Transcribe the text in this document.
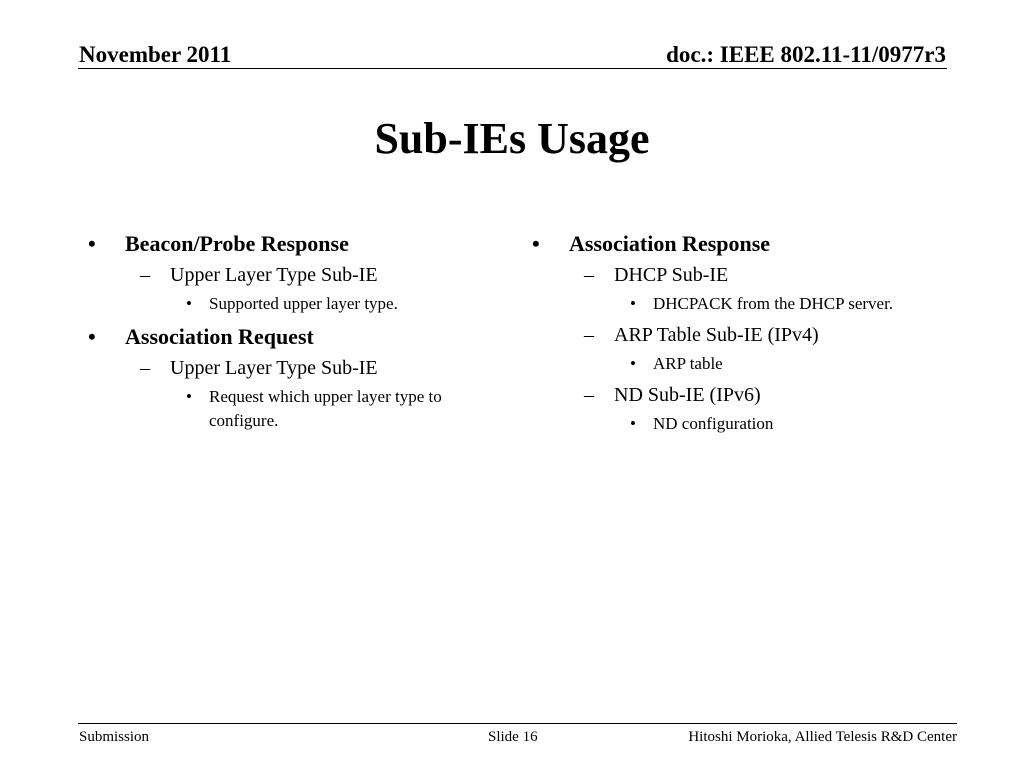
November 2011	doc.: IEEE 802.11-11/0977r3
Sub-IEs Usage
• Beacon/Probe Response
– Upper Layer Type Sub-IE
• Supported upper layer type.
• Association Request
– Upper Layer Type Sub-IE
• Request which upper layer type to configure.
• Association Response
– DHCP Sub-IE
• DHCPACK from the DHCP server.
– ARP Table Sub-IE (IPv4)
• ARP table
– ND Sub-IE (IPv6)
• ND configuration
Submission	Slide 16	Hitoshi Morioka, Allied Telesis R&D Center
